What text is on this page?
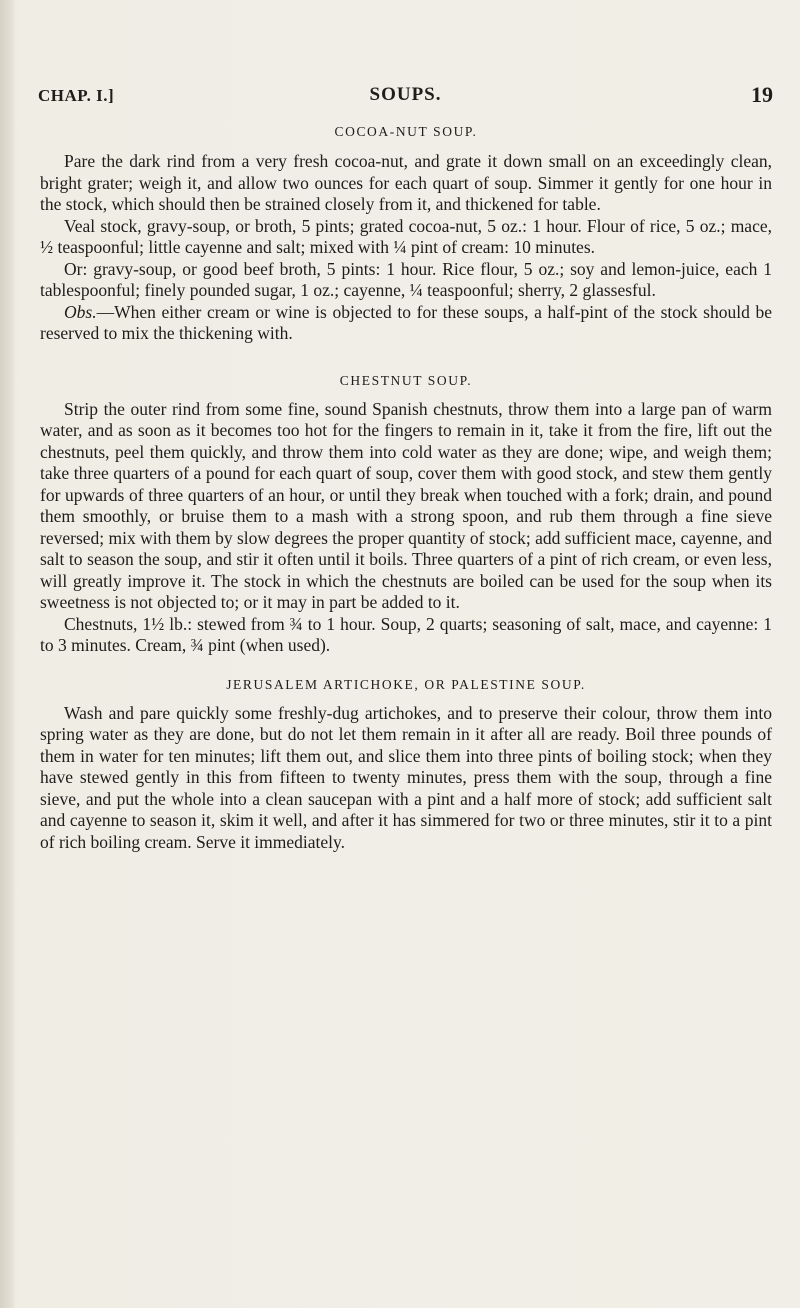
CHAP. I.]	SOUPS.	19
COCOA-NUT SOUP.

Pare the dark rind from a very fresh cocoa-nut, and grate it down small on an exceedingly clean, bright grater; weigh it, and allow two ounces for each quart of soup. Simmer it gently for one hour in the stock, which should then be strained closely from it, and thickened for table.

Veal stock, gravy-soup, or broth, 5 pints; grated cocoa-nut, 5 oz.: 1 hour. Flour of rice, 5 oz.; mace, ½ teaspoonful; little cayenne and salt; mixed with ¼ pint of cream: 10 minutes.

Or: gravy-soup, or good beef broth, 5 pints: 1 hour. Rice flour, 5 oz.; soy and lemon-juice, each 1 tablespoonful; finely pounded sugar, 1 oz.; cayenne, ¼ teaspoonful; sherry, 2 glassesful.

Obs.—When either cream or wine is objected to for these soups, a half-pint of the stock should be reserved to mix the thickening with.

CHESTNUT SOUP.

Strip the outer rind from some fine, sound Spanish chestnuts, throw them into a large pan of warm water, and as soon as it becomes too hot for the fingers to remain in it, take it from the fire, lift out the chestnuts, peel them quickly, and throw them into cold water as they are done; wipe, and weigh them; take three quarters of a pound for each quart of soup, cover them with good stock, and stew them gently for upwards of three quarters of an hour, or until they break when touched with a fork; drain, and pound them smoothly, or bruise them to a mash with a strong spoon, and rub them through a fine sieve reversed; mix with them by slow degrees the proper quantity of stock; add sufficient mace, cayenne, and salt to season the soup, and stir it often until it boils. Three quarters of a pint of rich cream, or even less, will greatly improve it. The stock in which the chestnuts are boiled can be used for the soup when its sweetness is not objected to; or it may in part be added to it.

Chestnuts, 1½ lb.: stewed from ¾ to 1 hour. Soup, 2 quarts; seasoning of salt, mace, and cayenne: 1 to 3 minutes. Cream, ¾ pint (when used).

JERUSALEM ARTICHOKE, OR PALESTINE SOUP.

Wash and pare quickly some freshly-dug artichokes, and to preserve their colour, throw them into spring water as they are done, but do not let them remain in it after all are ready. Boil three pounds of them in water for ten minutes; lift them out, and slice them into three pints of boiling stock; when they have stewed gently in this from fifteen to twenty minutes, press them with the soup, through a fine sieve, and put the whole into a clean saucepan with a pint and a half more of stock; add sufficient salt and cayenne to season it, skim it well, and after it has simmered for two or three minutes, stir it to a pint of rich boiling cream. Serve it immediately.
